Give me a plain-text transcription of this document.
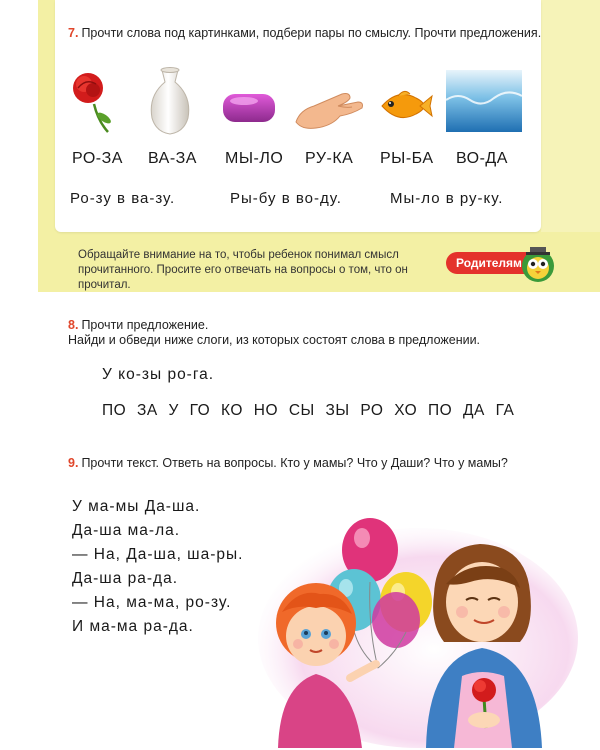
7. Прочти слова под картинками, подбери пары по смыслу. Прочти предложения.
РО-ЗА ВА-ЗА МЫ-ЛО РУ-КА РЫ-БА ВО-ДА
Ро-зу в ва-зу.	Ры-бу в во-ду.	Мы-ло в ру-ку.
Обращайте внимание на то, чтобы ребенок понимал смысл прочитанного. Просите его отвечать на вопросы о том, что он прочитал.
Родителям
8. Прочти предложение.
Найди и обведи ниже слоги, из которых состоят слова в предложении.
У ко-зы ро-га.
ПО ЗА У ГО КО НО СЫ ЗЫ РО ХО ПО ДА ГА
9. Прочти текст. Ответь на вопросы. Кто у мамы? Что у Даши? Что у мамы?
У ма-мы Да-ша.
Да-ша ма-ла.
— На, Да-ша, ша-ры.
Да-ша ра-да.
— На, ма-ма, ро-зу.
И ма-ма ра-да.
